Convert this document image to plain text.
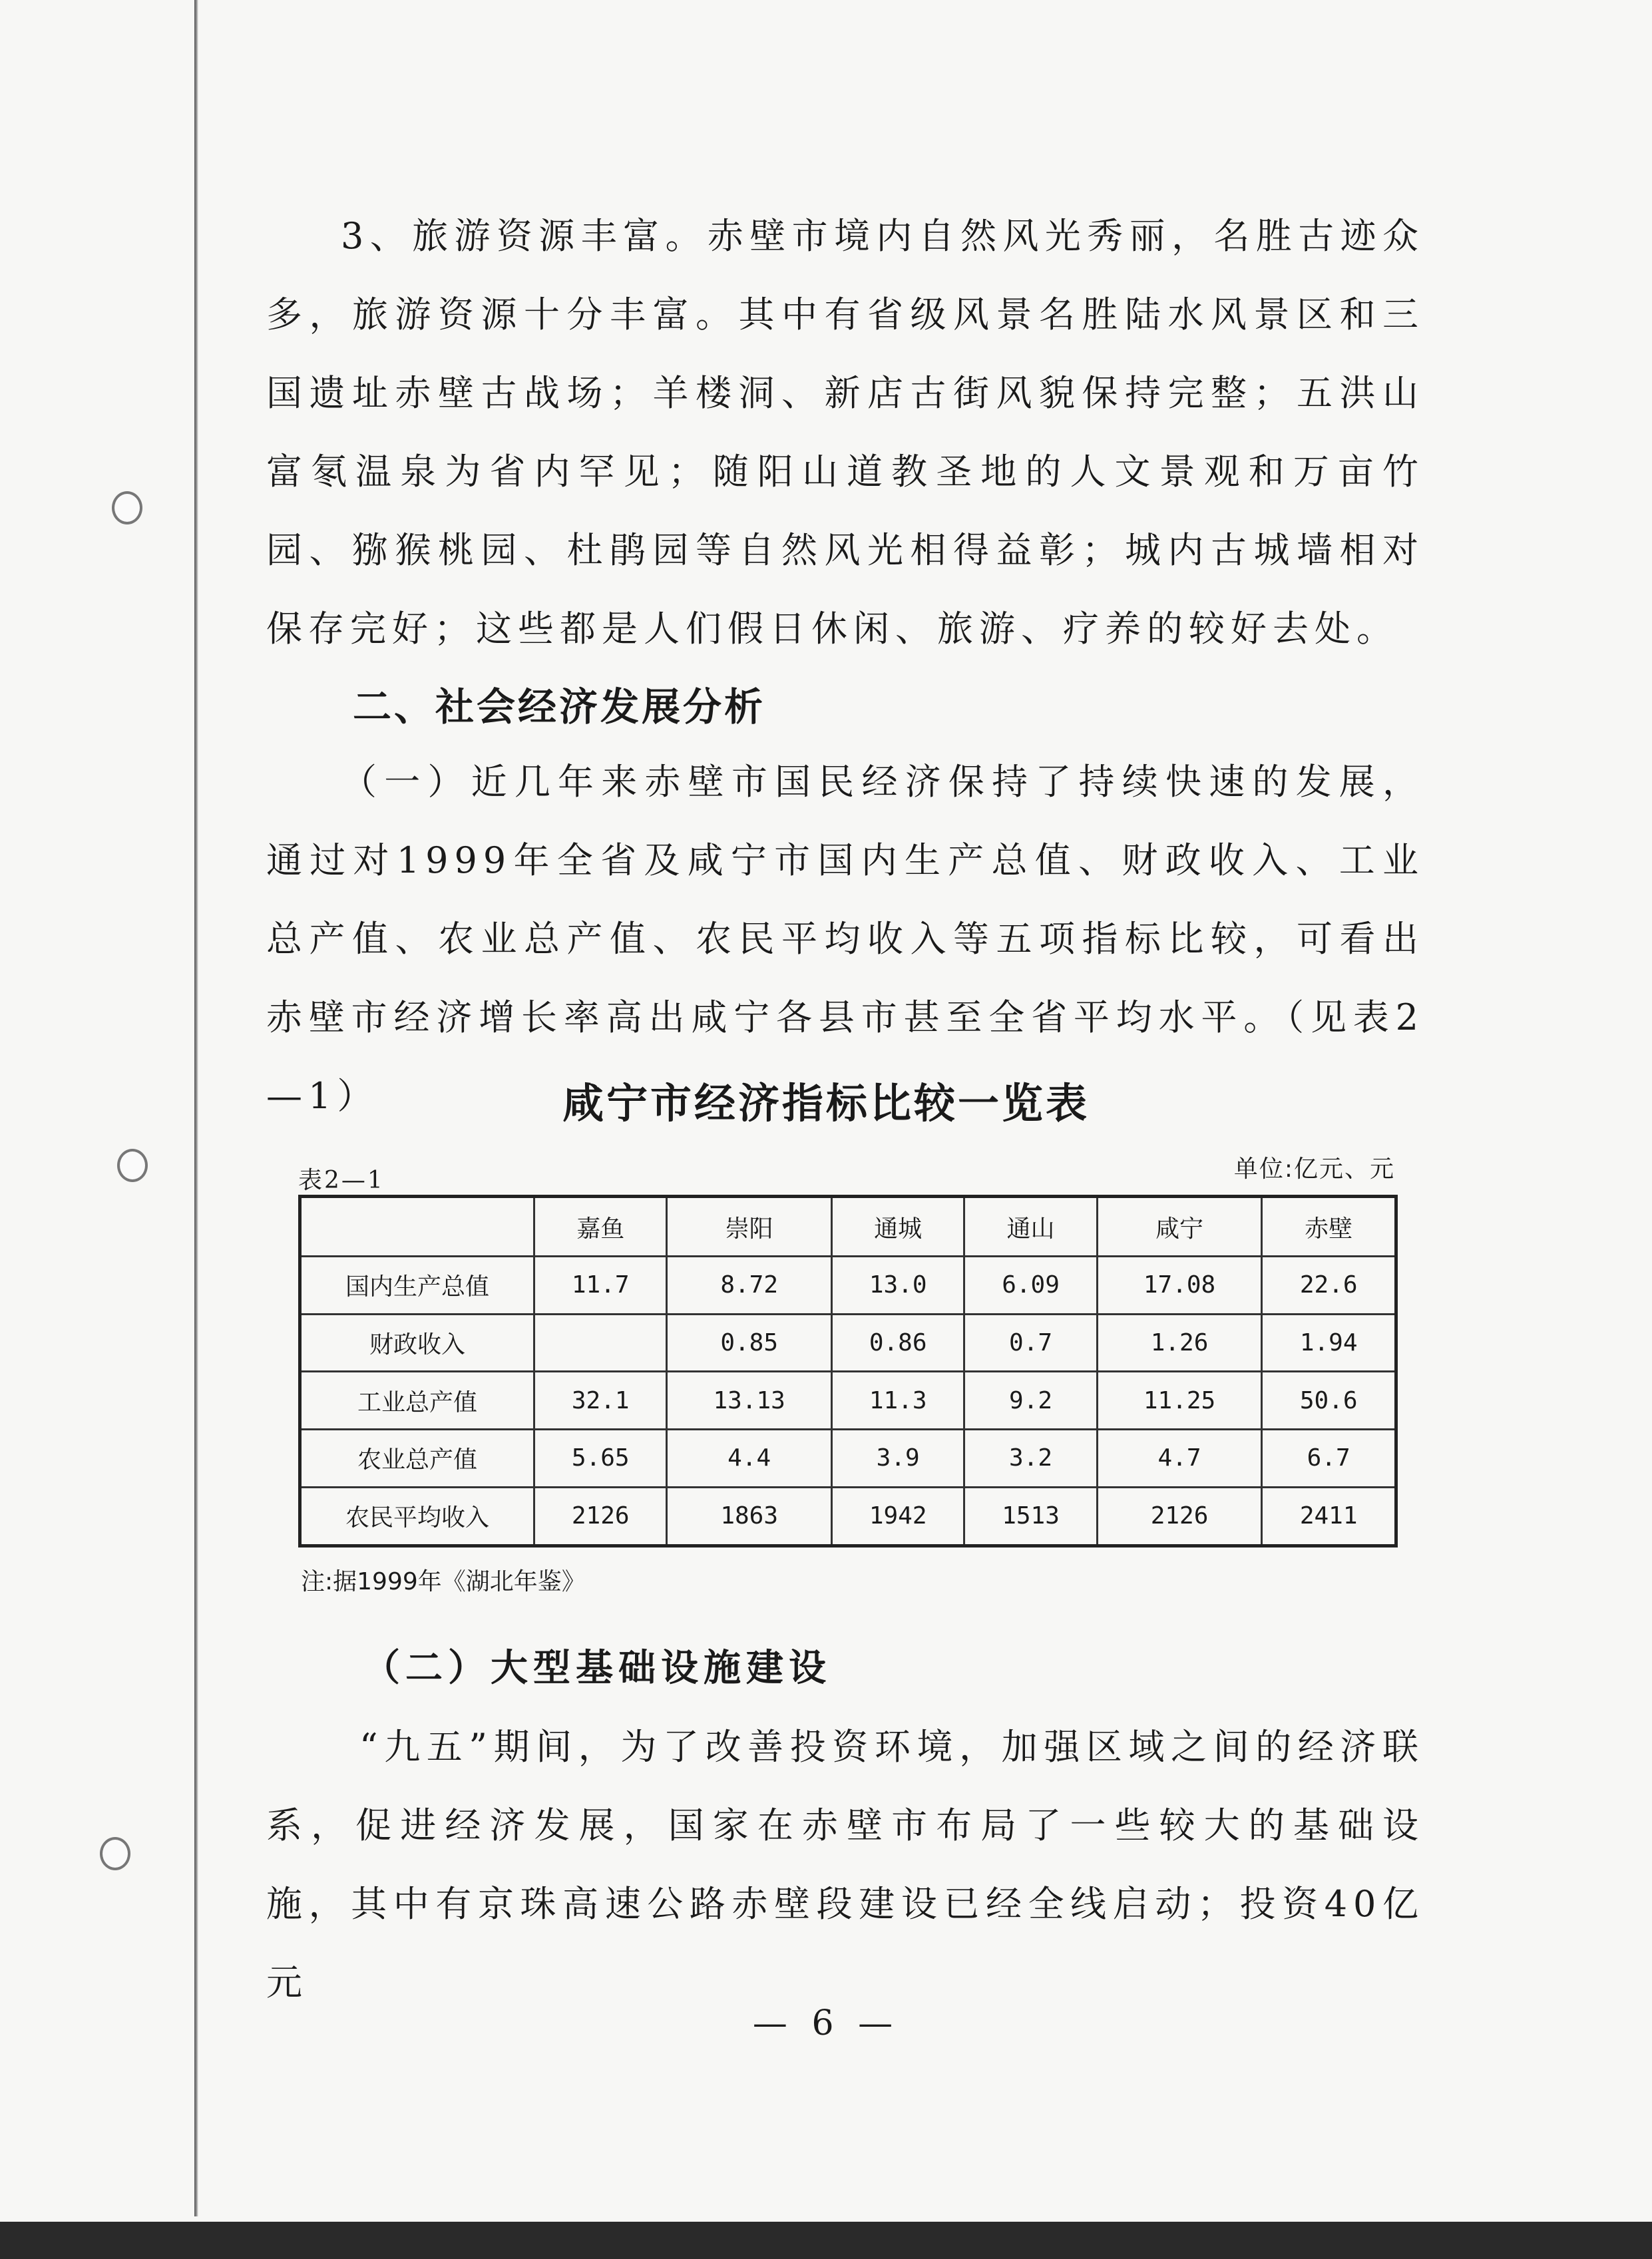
3、旅游资源丰富。赤壁市境内自然风光秀丽，名胜古迹众多，旅游资源十分丰富。其中有省级风景名胜陆水风景区和三国遗址赤壁古战场；羊楼洞、新店古街风貌保持完整；五洪山富氡温泉为省内罕见；随阳山道教圣地的人文景观和万亩竹园、猕猴桃园、杜鹃园等自然风光相得益彰；城内古城墙相对保存完好；这些都是人们假日休闲、旅游、疗养的较好去处。

二、社会经济发展分析

（一）近几年来赤壁市国民经济保持了持续快速的发展，通过对1999年全省及咸宁市国内生产总值、财政收入、工业总产值、农业总产值、农民平均收入等五项指标比较，可看出赤壁市经济增长率高出咸宁各县市甚至全省平均水平。（见表2—1）	咸宁市经济指标比较一览表
表2—1	单位:亿元、元
	嘉鱼	崇阳	通城	通山	咸宁	赤壁
国内生产总值	11.7	8.72	13.0	6.09	17.08	22.6
财政收入		0.85	0.86	0.7	1.26	1.94
工业总产值	32.1	13.13	11.3	9.2	11.25	50.6
农业总产值	5.65	4.4	3.9	3.2	4.7	6.7
农民平均收入	2126	1863	1942	1513	2126	2411
注:据1999年《湖北年鉴》
（二）大型基础设施建设

“九五”期间，为了改善投资环境，加强区域之间的经济联系，促进经济发展，国家在赤壁市布局了一些较大的基础设施，其中有京珠高速公路赤壁段建设已经全线启动；投资40亿元

— 6 —
